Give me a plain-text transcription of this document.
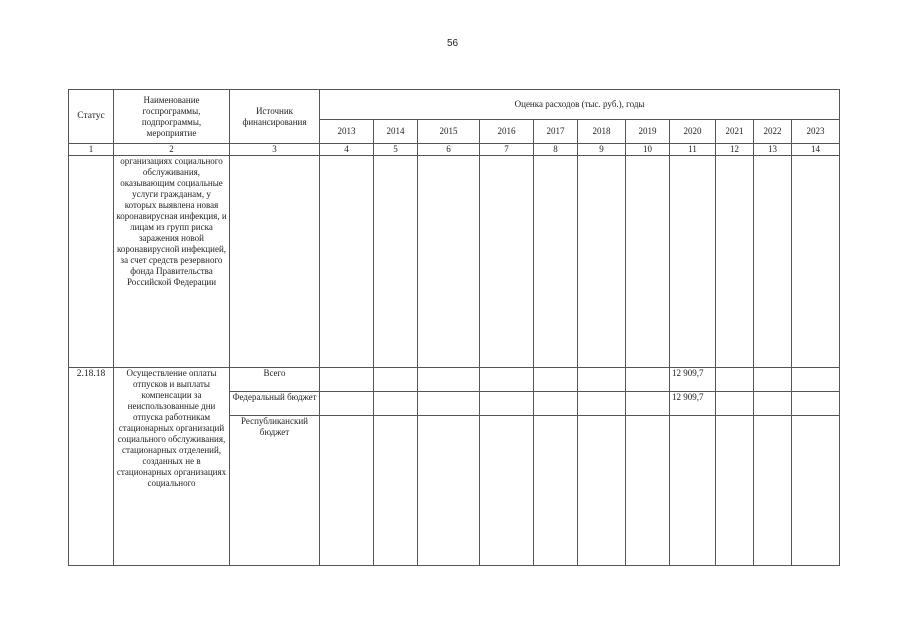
56
Статус	Наименование госпрограммы, подпрограммы, мероприятие	Источник финансирования	Оценка расходов (тыс. руб.), годы										
			2013	2014	2015	2016	2017	2018	2019	2020	2021	2022	2023
1	2	3	4	5	6	7	8	9	10	11	12	13	14
	организациях социального обслуживания, оказывающим социальные услуги гражданам, у которых выявлена новая коронавирусная инфекция, и лицам из групп риска заражения новой коронавирусной инфекцией, за счет средств резервного фонда Правительства Российской Федерации												
2.18.18	Осуществление оплаты отпусков и выплаты компенсации за неиспользованные дни отпуска работникам стационарных организаций социального обслуживания, стационарных отделений, созданных не в стационарных организациях социального	Всего								12 909,7			
		Федеральный бюджет								12 909,7			
		Республиканский бюджет											
